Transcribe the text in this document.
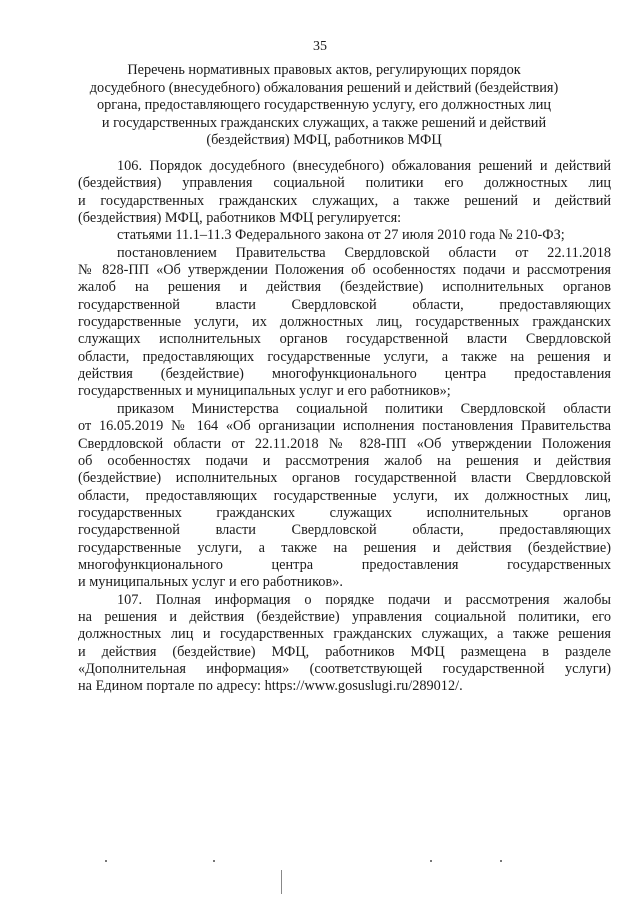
35
Перечень нормативных правовых актов, регулирующих порядок
досудебного (внесудебного) обжалования решений и действий (бездействия)
органа, предоставляющего государственную услугу, его должностных лиц
и государственных гражданских служащих, а также решений и действий
(бездействия) МФЦ, работников МФЦ
106. Порядок досудебного (внесудебного) обжалования решений и действий
(бездействия) управления социальной политики его должностных лиц
и государственных гражданских служащих, а также решений и действий
(бездействия) МФЦ, работников МФЦ регулируется:
статьями 11.1–11.3 Федерального закона от 27 июля 2010 года № 210-ФЗ;
постановлением Правительства Свердловской области от 22.11.2018
№ 828-ПП «Об утверждении Положения об особенностях подачи и рассмотрения
жалоб на решения и действия (бездействие) исполнительных органов
государственной власти Свердловской области, предоставляющих
государственные услуги, их должностных лиц, государственных гражданских
служащих исполнительных органов государственной власти Свердловской
области, предоставляющих государственные услуги, а также на решения и
действия (бездействие) многофункционального центра предоставления
государственных и муниципальных услуг и его работников»;
приказом Министерства социальной политики Свердловской области
от 16.05.2019 № 164 «Об организации исполнения постановления Правительства
Свердловской области от 22.11.2018 № 828-ПП «Об утверждении Положения
об особенностях подачи и рассмотрения жалоб на решения и действия
(бездействие) исполнительных органов государственной власти Свердловской
области, предоставляющих государственные услуги, их должностных лиц,
государственных гражданских служащих исполнительных органов
государственной власти Свердловской области, предоставляющих
государственные услуги, а также на решения и действия (бездействие)
многофункционального центра предоставления государственных
и муниципальных услуг и его работников».
107. Полная информация о порядке подачи и рассмотрения жалобы
на решения и действия (бездействие) управления социальной политики, его
должностных лиц и государственных гражданских служащих, а также решения
и действия (бездействие) МФЦ, работников МФЦ размещена в разделе
«Дополнительная информация» (соответствующей государственной услуги)
на Едином портале по адресу: https://www.gosuslugi.ru/289012/.
